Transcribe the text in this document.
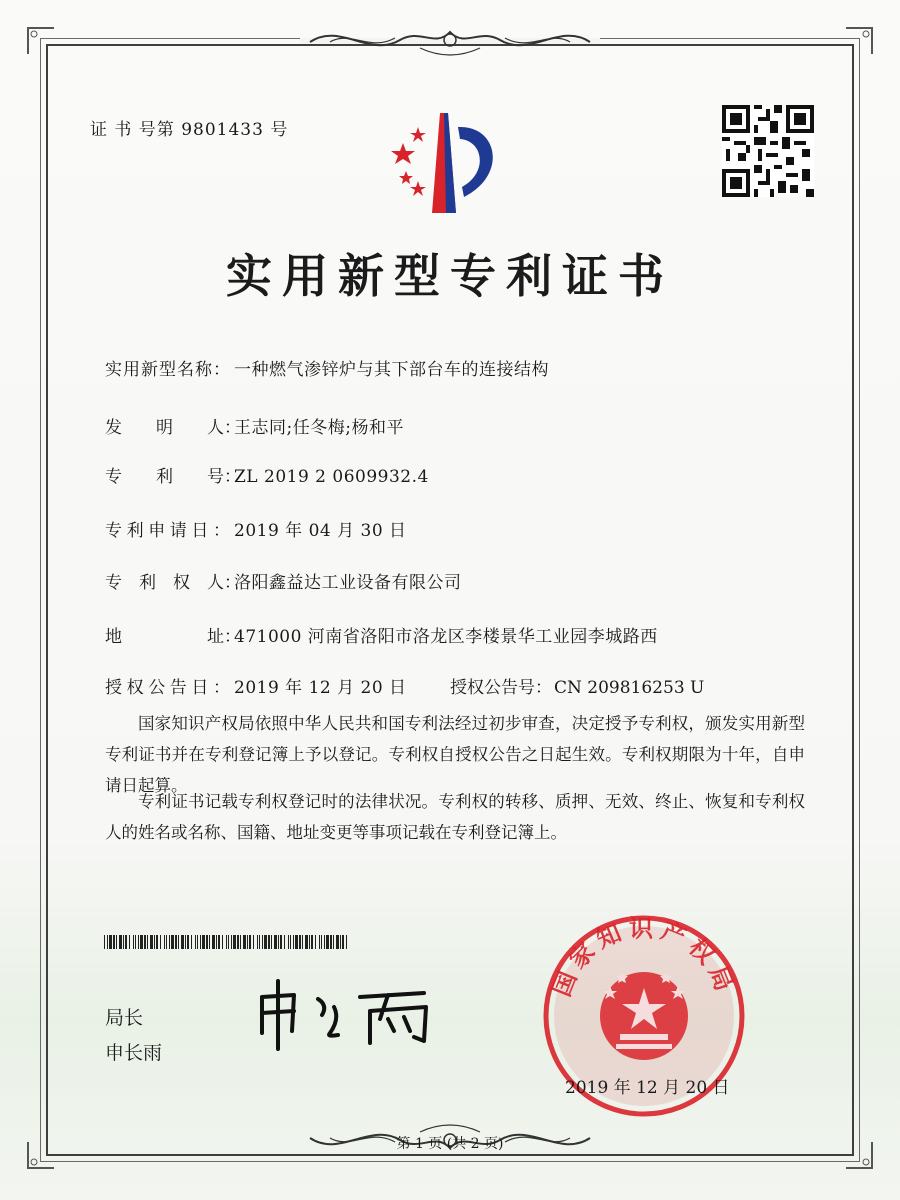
证 书 号第 9801433 号
实用新型专利证书
实用新型名称： 一种燃气渗锌炉与其下部台车的连接结构
发　　明　　人：王志同;任冬梅;杨和平
专　　利　　号：ZL 2019 2 0609932.4
专利申请日： 2019 年 04 月 30 日
专　利　权　人：洛阳鑫益达工业设备有限公司
地　　　　　址：471000 河南省洛阳市洛龙区李楼景华工业园李城路西
授权公告日： 2019 年 12 月 20 日	授权公告号： CN 209816253 U
国家知识产权局依照中华人民共和国专利法经过初步审查，决定授予专利权，颁发实用新型专利证书并在专利登记簿上予以登记。专利权自授权公告之日起生效。专利权期限为十年，自申请日起算。
专利证书记载专利权登记时的法律状况。专利权的转移、质押、无效、终止、恢复和专利权人的姓名或名称、国籍、地址变更等事项记载在专利登记簿上。
局长
申长雨
国家知识产权局
2019 年 12 月 20 日
第 1 页 (共 2 页)
